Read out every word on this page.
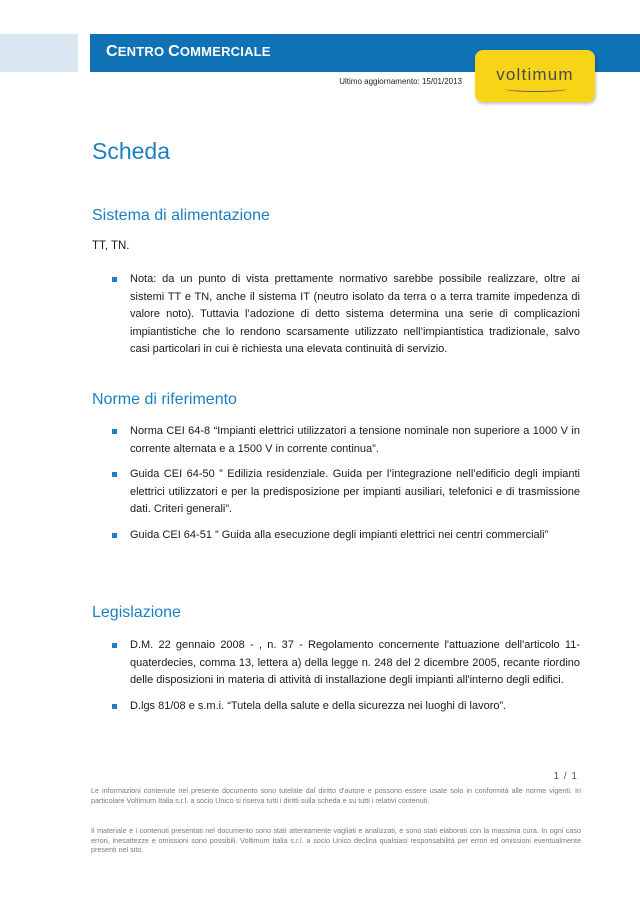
CENTRO COMMERCIALE
Ultimo aggiornamento: 15/01/2013	voltimum
Scheda
Sistema di alimentazione
TT, TN.
Nota: da un punto di vista prettamente normativo sarebbe possibile realizzare, oltre ai sistemi TT e TN, anche il sistema IT (neutro isolato da terra o a terra tramite impedenza di valore noto). Tuttavia l’adozione di detto sistema determina una serie di complicazioni impiantistiche che lo rendono scarsamente utilizzato nell’impiantistica tradizionale, salvo casi particolari in cui è richiesta una elevata continuità di servizio.
Norme di riferimento
Norma CEI 64-8 “Impianti elettrici utilizzatori a tensione nominale non superiore a 1000 V in corrente alternata e a 1500 V in corrente continua”.
Guida CEI 64-50 ” Edilizia residenziale. Guida per l’integrazione nell’edificio degli impianti elettrici utilizzatori e per la predisposizione per impianti ausiliari, telefonici e di trasmissione dati. Criteri generali”.
Guida CEI 64-51 ” Guida alla esecuzione degli impianti elettrici nei centri commerciali”
Legislazione
D.M. 22 gennaio 2008 - , n. 37 - Regolamento concernente l'attuazione dell'articolo 11-quaterdecies, comma 13, lettera a) della legge n. 248 del 2 dicembre 2005, recante riordino delle disposizioni in materia di attività di installazione degli impianti all'interno degli edifici.
D.lgs 81/08 e s.m.i. “Tutela della salute e della sicurezza nei luoghi di lavoro”.
1 / 1
Le informazioni contenute nel presente documento sono tutelate dal diritto d'autore e possono essere usate solo in conformità alle norme vigenti. In particolare Voltimum Italia s.r.l. a socio Unico si riserva tutti i diritti sulla scheda e su tutti i relativi contenuti.
Il materiale e i contenuti presentati nel documento sono stati attentamente vagliati e analizzati, e sono stati elaborati con la massima cura. In ogni caso errori, inesattezze e omissioni sono possibili. Voltimum Italia s.r.l. a socio Unico declina qualsiasi responsabilità per errori ed omissioni eventualmente presenti nel sito.
